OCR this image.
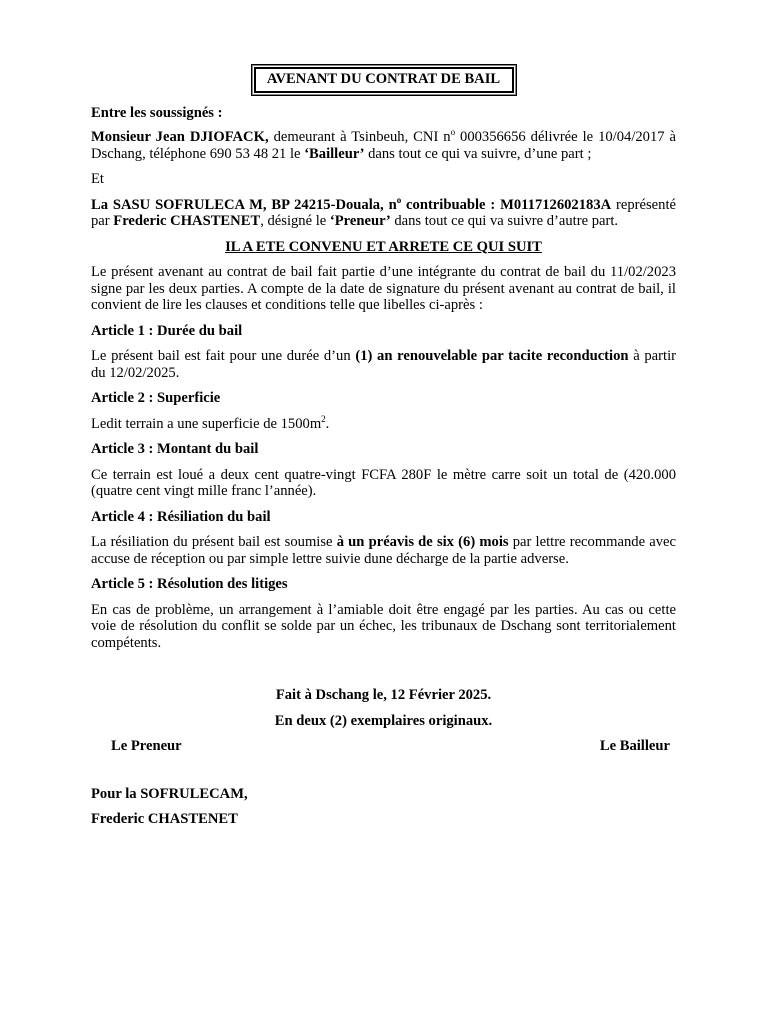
AVENANT DU CONTRAT DE BAIL

Entre les soussignés :

Monsieur Jean DJIOFACK, demeurant à Tsinbeuh, CNI $n^o$ 000356656 délivrée le 10/04/2017 à Dschang, téléphone 690 53 48 21 le ‘Bailleur’ dans tout ce qui va suivre, d’une part ;

Et

La SASU SOFRULECA M, BP 24215-Douala, $n^o$ contribuable : M011712602183A représenté par Frederic CHASTENET, désigné le ‘Preneur’ dans tout ce qui va suivre d’autre part.

IL A ETE CONVENU ET ARRETE CE QUI SUIT

Le présent avenant au contrat de bail fait partie d’une intégrante du contrat de bail du 11/02/2023 signe par les deux parties. A compte de la date de signature du présent avenant au contrat de bail, il convient de lire les clauses et conditions telle que libelles ci-après :

Article 1 : Durée du bail

Le présent bail est fait pour une durée d’un (1) an renouvelable par tacite reconduction à partir du 12/02/2025.

Article 2 : Superficie

Ledit terrain a une superficie de $1500m^2$.

Article 3 : Montant du bail

Ce terrain est loué a deux cent quatre-vingt FCFA 280F le mètre carre soit un total de (420.000 (quatre cent vingt mille franc l’année).

Article 4 : Résiliation du bail

La résiliation du présent bail est soumise à un préavis de six (6) mois par lettre recommande avec accuse de réception ou par simple lettre suivie dune décharge de la partie adverse.

Article 5 : Résolution des litiges

En cas de problème, un arrangement à l’amiable doit être engagé par les parties. Au cas ou cette voie de résolution du conflit se solde par un échec, les tribunaux de Dschang sont territorialement compétents.

Fait à Dschang le, 12 Février 2025.

En deux (2) exemplaires originaux.

Le Preneur	Le Bailleur

Pour la SOFRULECAM,

Frederic CHASTENET
